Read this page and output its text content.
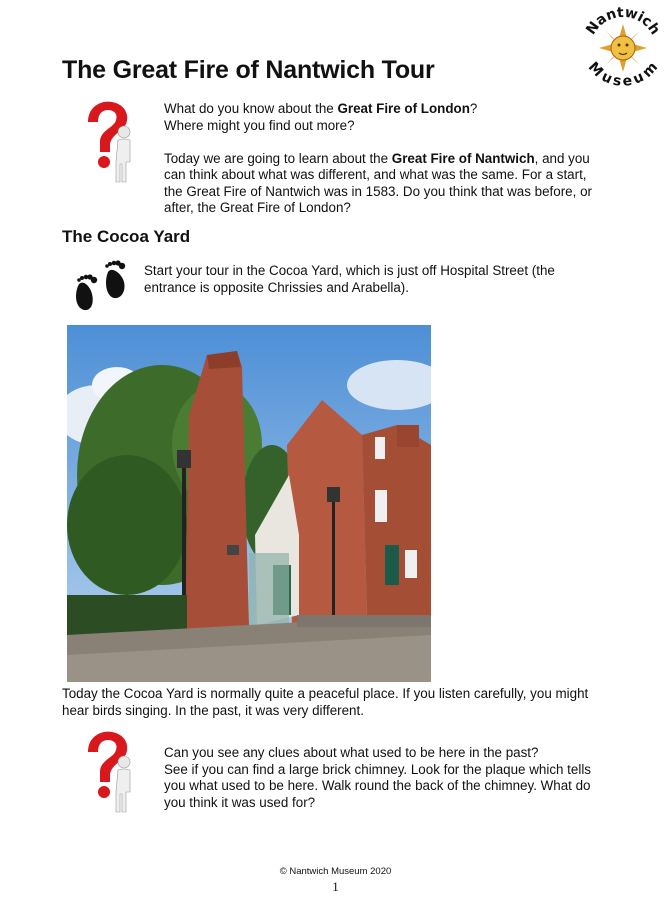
Nantwich
Museum
The Great Fire of Nantwich Tour
What do you know about the Great Fire of London?
Where might you find out more?
Today we are going to learn about the Great Fire of Nantwich, and you
can think about what was different, and what was the same. For a start,
the Great Fire of Nantwich was in 1583. Do you think that was before, or
after, the Great Fire of London?
The Cocoa Yard
Start your tour in the Cocoa Yard, which is just off Hospital Street (the
entrance is opposite Chrissies and Arabella).
Today the Cocoa Yard is normally quite a peaceful place. If you listen carefully, you might
hear birds singing. In the past, it was very different.
Can you see any clues about what used to be here in the past?
See if you can find a large brick chimney. Look for the plaque which tells
you what used to be here. Walk round the back of the chimney. What do
you think it was used for?
© Nantwich Museum 2020
1
